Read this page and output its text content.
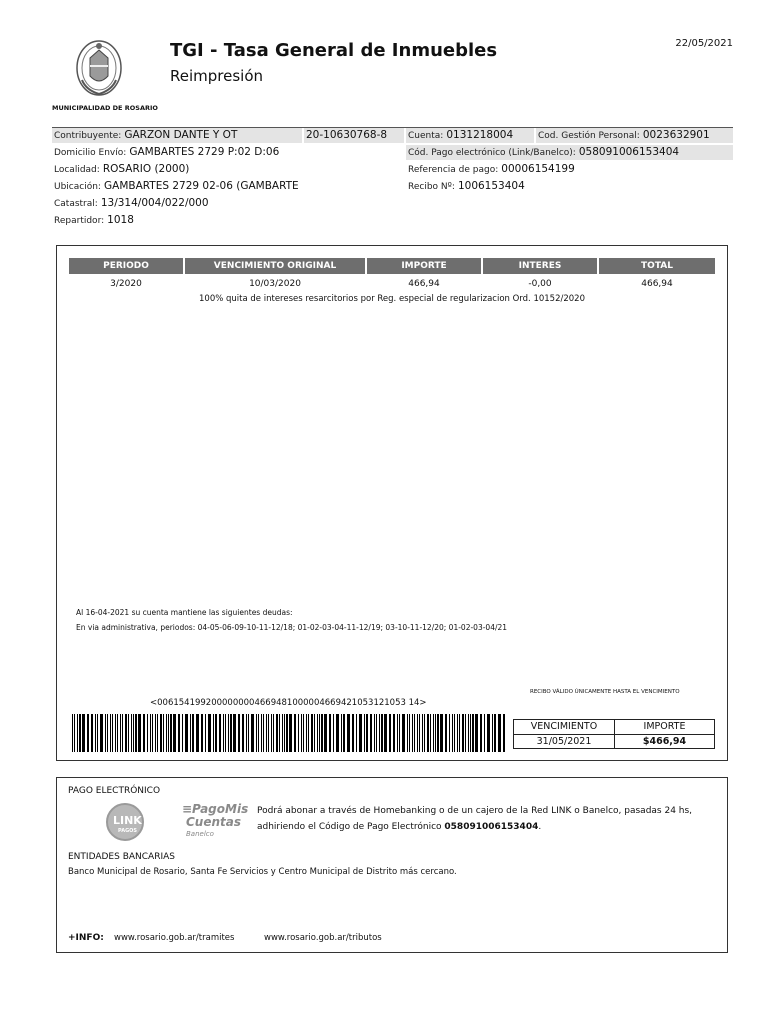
MUNICIPALIDAD DE ROSARIO
TGI - Tasa General de Inmuebles
Reimpresión
22/05/2021
Contribuyente: GARZON DANTE Y OT	20-10630768-8	Cuenta: 0131218004	Cod. Gestión Personal: 0023632901
Domicilio Envío: GAMBARTES 2729 P:02 D:06	Cód. Pago electrónico (Link/Banelco): 058091006153404
Localidad: ROSARIO (2000)	Referencia de pago: 00006154199
Ubicación: GAMBARTES 2729 02-06 (GAMBARTE	Recibo Nº: 1006153404
Catastral: 13/314/004/022/000
Repartidor: 1018
PERIODO	VENCIMIENTO ORIGINAL	IMPORTE	INTERES	TOTAL
3/2020	10/03/2020	466,94	-0,00	466,94
100% quita de intereses resarcitorios por Reg. especial de regularizacion Ord. 10152/2020
Al 16-04-2021 su cuenta mantiene las siguientes deudas:
En via administrativa, periodos: 04-05-06-09-10-11-12/18; 01-02-03-04-11-12/19; 03-10-11-12/20; 01-02-03-04/21
RECIBO VÁLIDO ÚNICAMENTE HASTA EL VENCIMIENTO
<0061541992000000004669481000004669421053121053 14>
VENCIMIENTO	IMPORTE
31/05/2021	$466,94
PAGO ELECTRÓNICO
LINK
PAGOS
≡PagoMis
Cuentas
Banelco
Podrá abonar a través de Homebanking o de un cajero de la Red LINK o Banelco, pasadas 24 hs, adhiriendo el Código de Pago Electrónico 058091006153404.
ENTIDADES BANCARIAS
Banco Municipal de Rosario, Santa Fe Servicios y Centro Municipal de Distrito más cercano.
+INFO: www.rosario.gob.ar/tramites	www.rosario.gob.ar/tributos
